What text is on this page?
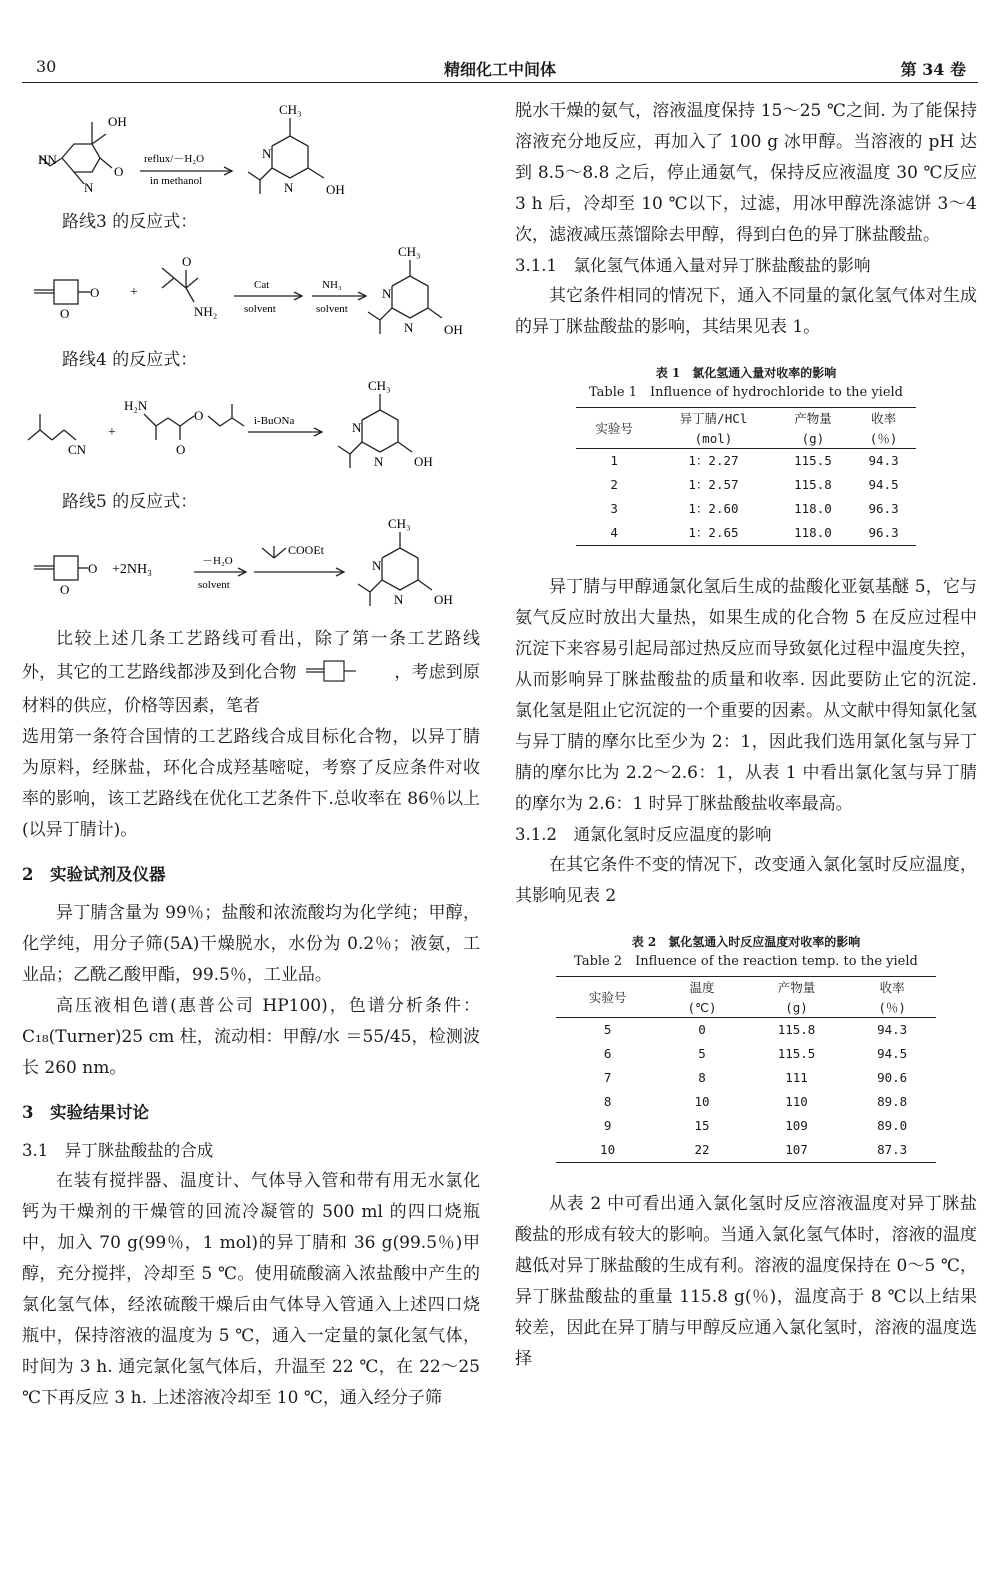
30	精细化工中间体	第 34 卷
OH
HN
N
O
reflux/－H₂O
in methanol
CH₃
N
N	OH

路线3 的反应式：

O
O
+
O
NH₂
Cat
solvent
NH₃
solvent
CH₃
N
N OH

路线4 的反应式：

CN
+
H₂N
O
O	i-BuONa
CH₃
N
N OH

路线5 的反应式：

O
O
+2NH₃
－H₂O
solvent
COOEt
CH₃
N
N OH

比较上述几条工艺路线可看出，除了第一条工艺路线外，其它的工艺路线都涉及到化合物	，考虑到原材料的供应，价格等因素，笔者

选用第一条符合国情的工艺路线合成目标化合物，以异丁腈为原料，经脒盐，环化合成羟基嘧啶，考察了反应条件对收率的影响，该工艺路线在优化工艺条件下.总收率在 86％以上(以异丁腈计)。

2　实验试剂及仪器

异丁腈含量为 99％；盐酸和浓流酸均为化学纯；甲醇，化学纯，用分子筛(5A)干燥脱水，水份为 0.2％；液氨，工业品；乙酰乙酸甲酯，99.5％，工业品。

高压液相色谱(惠普公司 HP100)，色谱分析条件：C₁₈(Turner)25 cm 柱，流动相：甲醇/水 ＝55/45，检测波长 260 nm。

3　实验结果讨论

3.1　异丁脒盐酸盐的合成

在装有搅拌器、温度计、气体导入管和带有用无水氯化钙为干燥剂的干燥管的回流冷凝管的 500 ml 的四口烧瓶中，加入 70 g(99％，1 mol)的异丁腈和 36 g(99.5％)甲醇，充分搅拌，冷却至 5 ℃。使用硫酸滴入浓盐酸中产生的氯化氢气体，经浓硫酸干燥后由气体导入管通入上述四口烧瓶中，保持溶液的温度为 5 ℃，通入一定量的氯化氢气体，时间为 3 h. 通完氯化氢气体后，升温至 22 ℃，在 22～25 ℃下再反应 3 h. 上述溶液冷却至 10 ℃，通入经分子筛

脱水干燥的氨气，溶液温度保持 15～25 ℃之间. 为了能保持溶液充分地反应，再加入了 100 g 冰甲醇。当溶液的 pH 达到 8.5～8.8 之后，停止通氨气，保持反应液温度 30 ℃反应 3 h 后，冷却至 10 ℃以下，过滤，用冰甲醇洗涤滤饼 3～4 次，滤液减压蒸馏除去甲醇，得到白色的异丁脒盐酸盐。

3.1.1　氯化氢气体通入量对异丁脒盐酸盐的影响

其它条件相同的情况下，通入不同量的氯化氢气体对生成的异丁脒盐酸盐的影响，其结果见表 1。

表 1　氯化氢通入量对收率的影响

Table 1　Influence of hydrochloride to the yield

实验号	异丁腈/HCl	产物量	收率
	(mol)	(g)	(％)
1	1：2.27	115.5	94.3
2	1：2.57	115.8	94.5
3	1：2.60	118.0	96.3
4	1：2.65	118.0	96.3

异丁腈与甲醇通氯化氢后生成的盐酸化亚氨基醚 5，它与氨气反应时放出大量热，如果生成的化合物 5 在反应过程中沉淀下来容易引起局部过热反应而导致氨化过程中温度失控，从而影响异丁脒盐酸盐的质量和收率. 因此要防止它的沉淀. 氯化氢是阻止它沉淀的一个重要的因素。从文献中得知氯化氢与异丁腈的摩尔比至少为 2：1，因此我们选用氯化氢与异丁腈的摩尔比为 2.2～2.6：1，从表 1 中看出氯化氢与异丁腈的摩尔为 2.6：1 时异丁脒盐酸盐收率最高。

3.1.2　通氯化氢时反应温度的影响

在其它条件不变的情况下，改变通入氯化氢时反应温度，其影响见表 2

表 2　氯化氢通入时反应温度对收率的影响

Table 2　Influence of the reaction temp. to the yield

实验号	温度	产物量	收率
	(℃)	(g)	(％)
5	0	115.8	94.3
6	5	115.5	94.5
7	8	111	90.6
8	10	110	89.8
9	15	109	89.0
10	22	107	87.3

从表 2 中可看出通入氯化氢时反应溶液温度对异丁脒盐酸盐的形成有较大的影响。当通入氯化氢气体时，溶液的温度越低对异丁脒盐酸的生成有利。溶液的温度保持在 0～5 ℃，异丁脒盐酸盐的重量 115.8 g(％)，温度高于 8 ℃以上结果较差，因此在异丁腈与甲醇反应通入氯化氢时，溶液的温度选择
